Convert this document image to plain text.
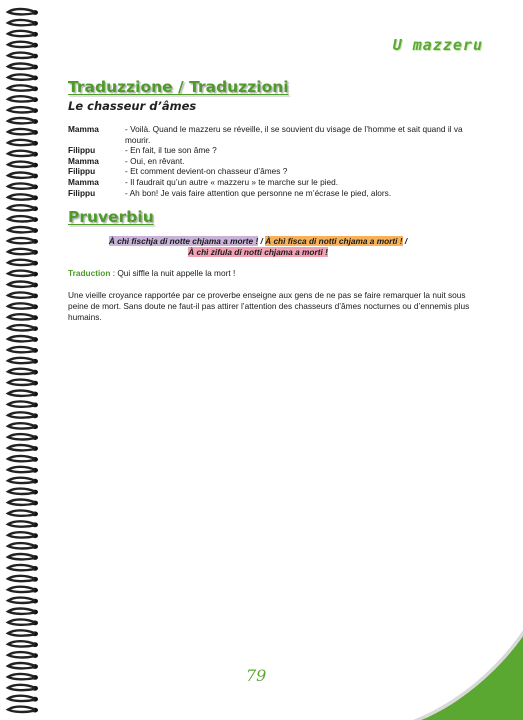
U mazzeru
Traduzzione / Traduzzioni
Le chasseur d’âmes
Mamma	- Voilà. Quand le mazzeru se réveille, il se souvient du visage de l’homme et sait quand il va mourir.
Filippu	- En fait, il tue son âme ?
Mamma	- Oui, en rêvant.
Filippu	- Et comment devient-on chasseur d’âmes ?
Mamma	- Il faudrait qu’un autre « mazzeru » te marche sur le pied.
Filippu	- Ah bon! Je vais faire attention que personne ne m’écrase le pied, alors.
Pruverbiu
À chì fischja di notte chjama a morte ! / À chì fisca di notti chjama a morti ! /
À chì zifula di notti chjama a morti !
Traduction : Qui siffle la nuit appelle la mort !
Une vieille croyance rapportée par ce proverbe enseigne aux gens de ne pas se faire remarquer la nuit sous peine de mort. Sans doute ne faut-il pas attirer l’attention des chasseurs d’âmes nocturnes ou d’ennemis plus humains.
79
